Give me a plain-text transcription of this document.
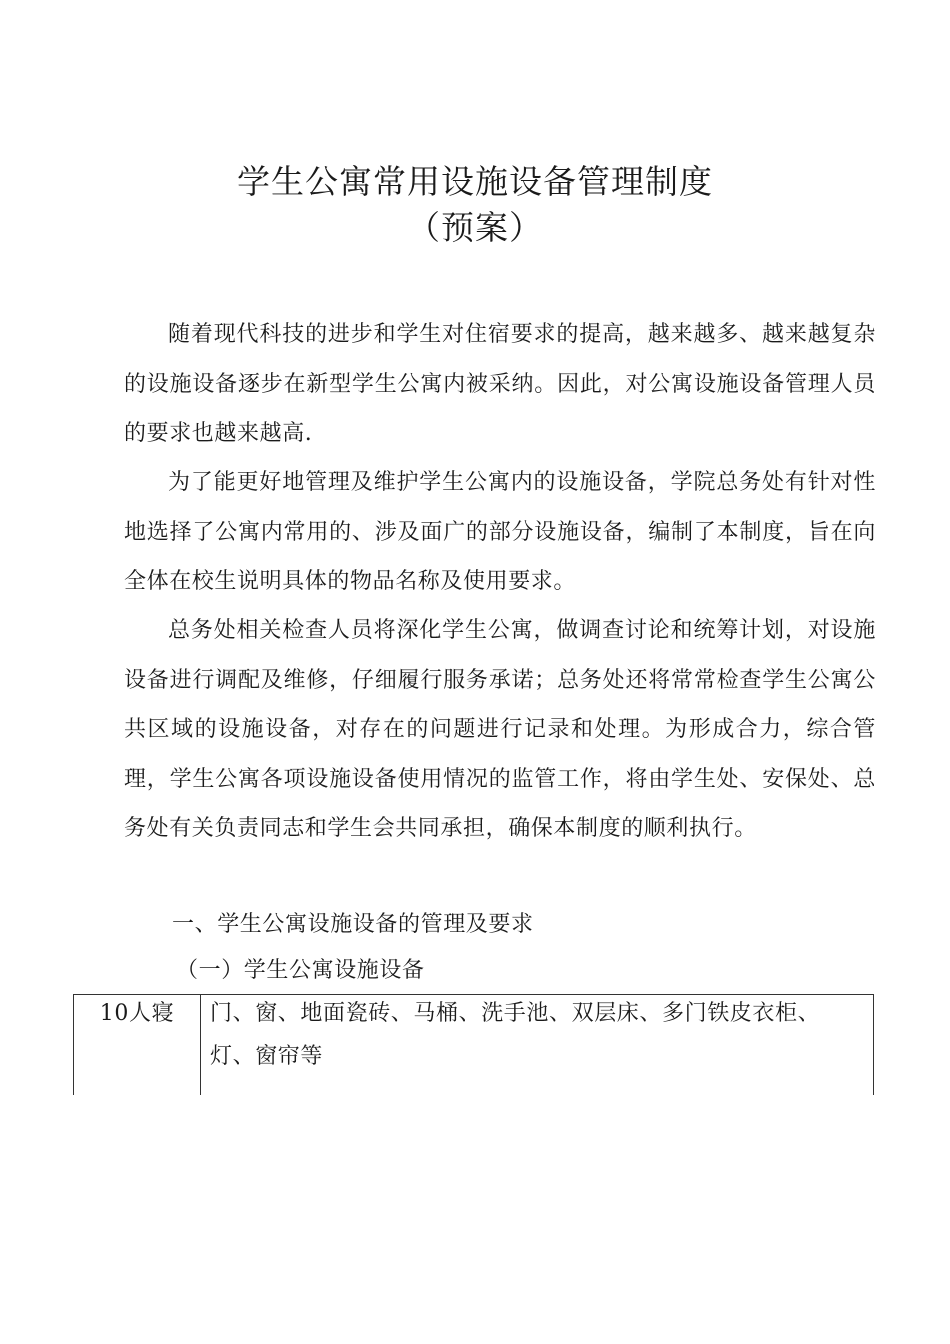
学生公寓常用设施设备管理制度
（预案）

随着现代科技的进步和学生对住宿要求的提高，越来越多、越来越复杂的设施设备逐步在新型学生公寓内被采纳。因此，对公寓设施设备管理人员的要求也越来越高.

为了能更好地管理及维护学生公寓内的设施设备，学院总务处有针对性地选择了公寓内常用的、涉及面广的部分设施设备，编制了本制度，旨在向全体在校生说明具体的物品名称及使用要求。

总务处相关检查人员将深化学生公寓，做调查讨论和统筹计划，对设施设备进行调配及维修，仔细履行服务承诺；总务处还将常常检查学生公寓公共区域的设施设备，对存在的问题进行记录和处理。为形成合力，综合管理，学生公寓各项设施设备使用情况的监管工作，将由学生处、安保处、总务处有关负责同志和学生会共同承担，确保本制度的顺利执行。

一、学生公寓设施设备的管理及要求
（一）学生公寓设施设备
10人寝	门、窗、地面瓷砖、马桶、洗手池、双层床、多门铁皮衣柜、
灯、窗帘等
